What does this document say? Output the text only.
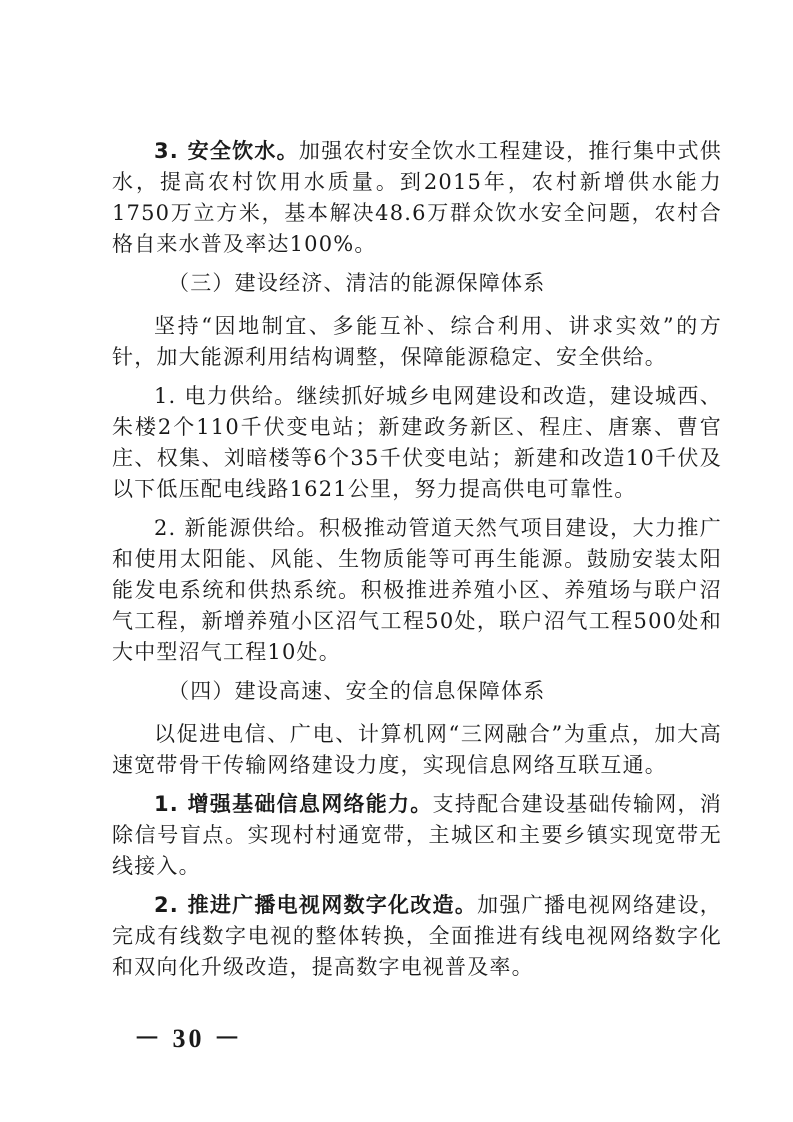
3. 安全饮水。加强农村安全饮水工程建设，推行集中式供水，提高农村饮用水质量。到2015年，农村新增供水能力1750万立方米，基本解决48.6万群众饮水安全问题，农村合格自来水普及率达100%。

（三）建设经济、清洁的能源保障体系

坚持“因地制宜、多能互补、综合利用、讲求实效”的方针，加大能源利用结构调整，保障能源稳定、安全供给。

1. 电力供给。继续抓好城乡电网建设和改造，建设城西、朱楼2个110千伏变电站；新建政务新区、程庄、唐寨、曹官庄、权集、刘暗楼等6个35千伏变电站；新建和改造10千伏及以下低压配电线路1621公里，努力提高供电可靠性。

2. 新能源供给。积极推动管道天然气项目建设，大力推广和使用太阳能、风能、生物质能等可再生能源。鼓励安装太阳能发电系统和供热系统。积极推进养殖小区、养殖场与联户沼气工程，新增养殖小区沼气工程50处，联户沼气工程500处和大中型沼气工程10处。

（四）建设高速、安全的信息保障体系

以促进电信、广电、计算机网“三网融合”为重点，加大高速宽带骨干传输网络建设力度，实现信息网络互联互通。

1. 增强基础信息网络能力。支持配合建设基础传输网，消除信号盲点。实现村村通宽带，主城区和主要乡镇实现宽带无线接入。

2. 推进广播电视网数字化改造。加强广播电视网络建设，完成有线数字电视的整体转换，全面推进有线电视网络数字化和双向化升级改造，提高数字电视普及率。

－ 30 －
